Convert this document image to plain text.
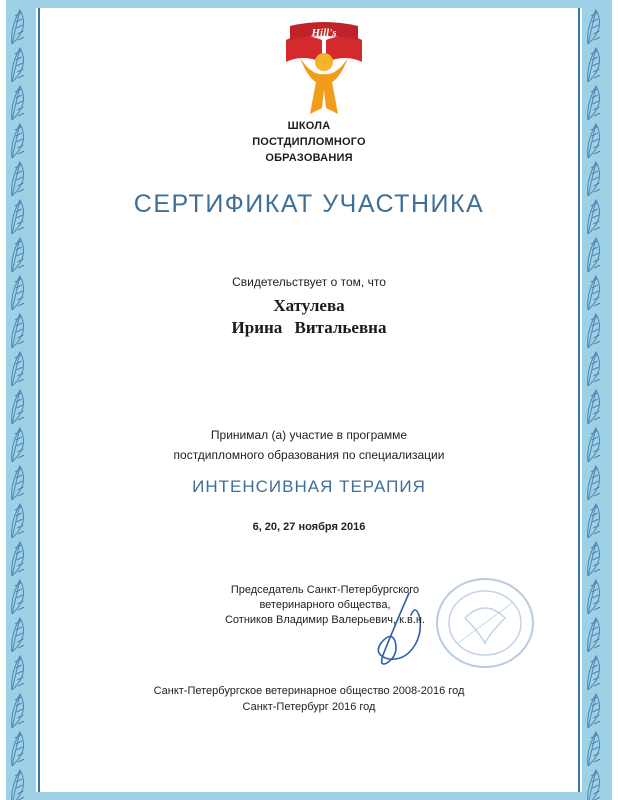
Hill's
ШКОЛА
ПОСТДИПЛОМНОГО
ОБРАЗОВАНИЯ
СЕРТИФИКАТ УЧАСТНИКА
Свидетельствует о том, что
Хатулева
Ирина Витальевна
Принимал (а) участие в программе
постдипломного образования по специализации
ИНТЕНСИВНАЯ ТЕРАПИЯ
6, 20, 27 ноября 2016
Председатель Санкт-Петербургского
ветеринарного общества,
Сотников Владимир Валерьевич, к.в.н.
Санкт-Петербургское ветеринарное общество 2008-2016 год
Санкт-Петербург 2016 год
